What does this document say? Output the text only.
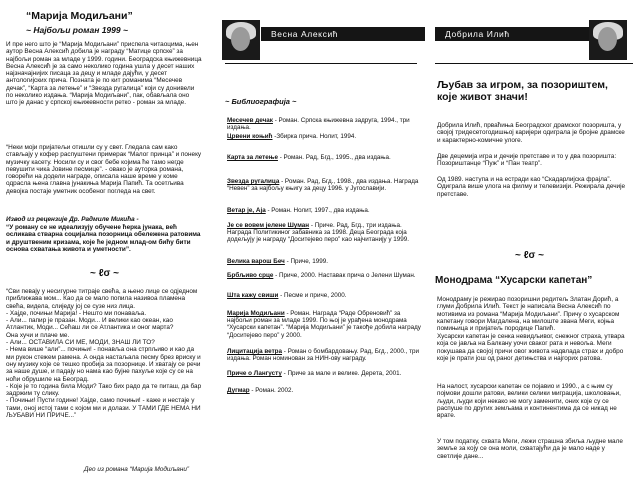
“Марија Модиљани”
~ Најбољи роман 1999 ~

И пре него што је “Марија Модиљани” приспела читаоцима, њен аутор Весна Алексић добила је награду “Матице српске” за најбољи роман за младе у 1999. години. Београдска књижевница Весна Алексић је за само неколико година ушла у десет наших најзначајнијих писаца за децу и младе дајући, у десет антологијских прича. Позната је по кит романима “Месечев дечак”, “Карта за летење” и “Звезда ругалица” који су донивели по неколико издања. “Марија Модиљани”, пак, обављала оно што је данас у српској књижевности ретко - роман за младе.

“Неки моји пријатељи отишли су у свет. Гледала сам како стављају у кофер распуштени примерак “Малог принца” и понеку музичку касету. Носили су и свог бебе којима ће тамо негде певушити чика Јовине песмице”. - овако је ауторка романа, говорећи на додели награде, описала наше време у коме одрасла њена главна јунакиња Марија Папић. Та осетљива девојка постаје уметник особеног погледа на свет.

Извод из рецензије Др. Радмиле Микића -

“У роману се не идеализују обучене ћерка јунака, већ осликава стварна социјална позорница обележена ратовима и друштвеним кризама, које ће једном млад-ом бићу бити основа схватања живота и уметности”.

~ ℓσ ~

“Сви певају у несигурне титраје свећа, а њено лице се одједном приближава мом... Као да се мало попила називоа пламена свећа, видела, слиједу јој се сузе низ лица.
- Хајде, почињи Марија! - Нешто ми понаваља.
- Али... папир је празан. Моди... И велики као океан, као Атлантик, Моди... Сећаш ли се Атлантика и оног марта?
Она хучи и плаче ме.
- Али... ОСТАВИЛА СИ МЕ, МОДИ, ЗНАШ ЛИ ТО?
- Нема више “али”... почињи! - понавља она стрпљиво и као да ми рукон стежем рамена. А онда настаљала песму брез вриску и ону музику које се тешко пробија за позорнице. И хватају се речи за наше душе, и падају но нама као бујне пахуље које су се на ноћи обрушиле на Београд.
- Које је то година била Моди? Тако бих радо да те питаш, да бар задржим ту слику.
- Почињи! Пусти године! Хајде, само почињи! - каже и нестаје у тами, оној истој тами с којом ми и долази. У ТАМИ ГДЕ НЕМА НИ ЉУБАВИ НИ ПРИЧЕ...”

Део из романа “Марија Модиљани”

Весна Алексић
~ Библиографија ~
Месечев дечак - Роман. Српска књижевна задруга, 1994., три издања.
Црвени коњић -Збирка прича. Нолит, 1994.
Карта за летење - Роман. Рад, Бгд., 1995., два издања.
Звезда ругалица - Роман. Рад, Бгд., 1998., два издања. Награда “Невен” за најбољу књигу за децу 1996. у Југославији.
Ветар је, Аја - Роман. Нолит, 1997., два издања.
Је се вовем јелене Шуман - Приче. Рад, Бгд., три издања. Награда Политикиног забавника за 1998. Деца Београда која додељују је награду “Доситејево перо” као најчитанију у 1999.
Велика варош Беч - Приче, 1999.
Брбљиво срце - Приче, 2000. Наставак прича о Јелени Шуман.
Шта кажу свиши - Песме и приче, 2000.
Марија Модиљани - Роман. Награда “Раде Обреновић” за најбољи роман за младе 1999. По њој је урађена монодрама “Хусарски капетан”. “Марија Модиљани” је такође добила награду “Доситејево перо” у 2000.
Лицитација ветра - Роман о бомбардовању. Рад, Бгд., 2000., три издања. Роман номинован за НИН-ову награду.
Приче о Лангусту - Приче за мале и велике. Дерета, 2001.
Дугмар - Роман. 2002.
Добрила Илић
Љубав за игром, за позориштем, које живот значи!

Добрила Илић, прваћиња Београдског драмског позоришта, у својој тридесетогодишњој каријери одиграла је бројне драмске и карактерно-комичне улоге.

Две децемија игра и дечије претставе и то у два позоришта: Позориштанце “Пуж” и “Пан театр”.

Од 1989. наступа и на естради као “Скадарлијска фрајла”. Одиграла више улога на филму и телевизији. Режирала дечије претставе.

~ ℓσ ~
Монодрама “Хусарски капетан”

Монодраму је режирао позоришни редитељ Златан Дорић, а глуми Добрила Илић. Текст је написала Весна Алексић по мотивима из романа “Марија Модиљани”. Причу о хусарском капетану говори Магдалена, на милоште звана Меги, којња помињица и пријатељ породице Папић.

Хусарски капетан је сенка невидљивог, снежног страха, утвара која се јавља на Балкану уочи сваког рата и невоља. Меги покушава да својој причи овог живота надвлада страх и добро које је прати још од раног детињства и најгорих ратова.

На налост, хусарски капетан се појавио и 1990., а с њим су појмови дошли ратови, велики селики миграција, школовањи, људи, људи који некако не могу заменити, оних које су се распуше по других земљама и континентима да се никад не врате.

У том податку, схвата Меги, лежи страшна збиља људне мале земље за коју се она моли, схватајући да је мало наде у светлије дане...
